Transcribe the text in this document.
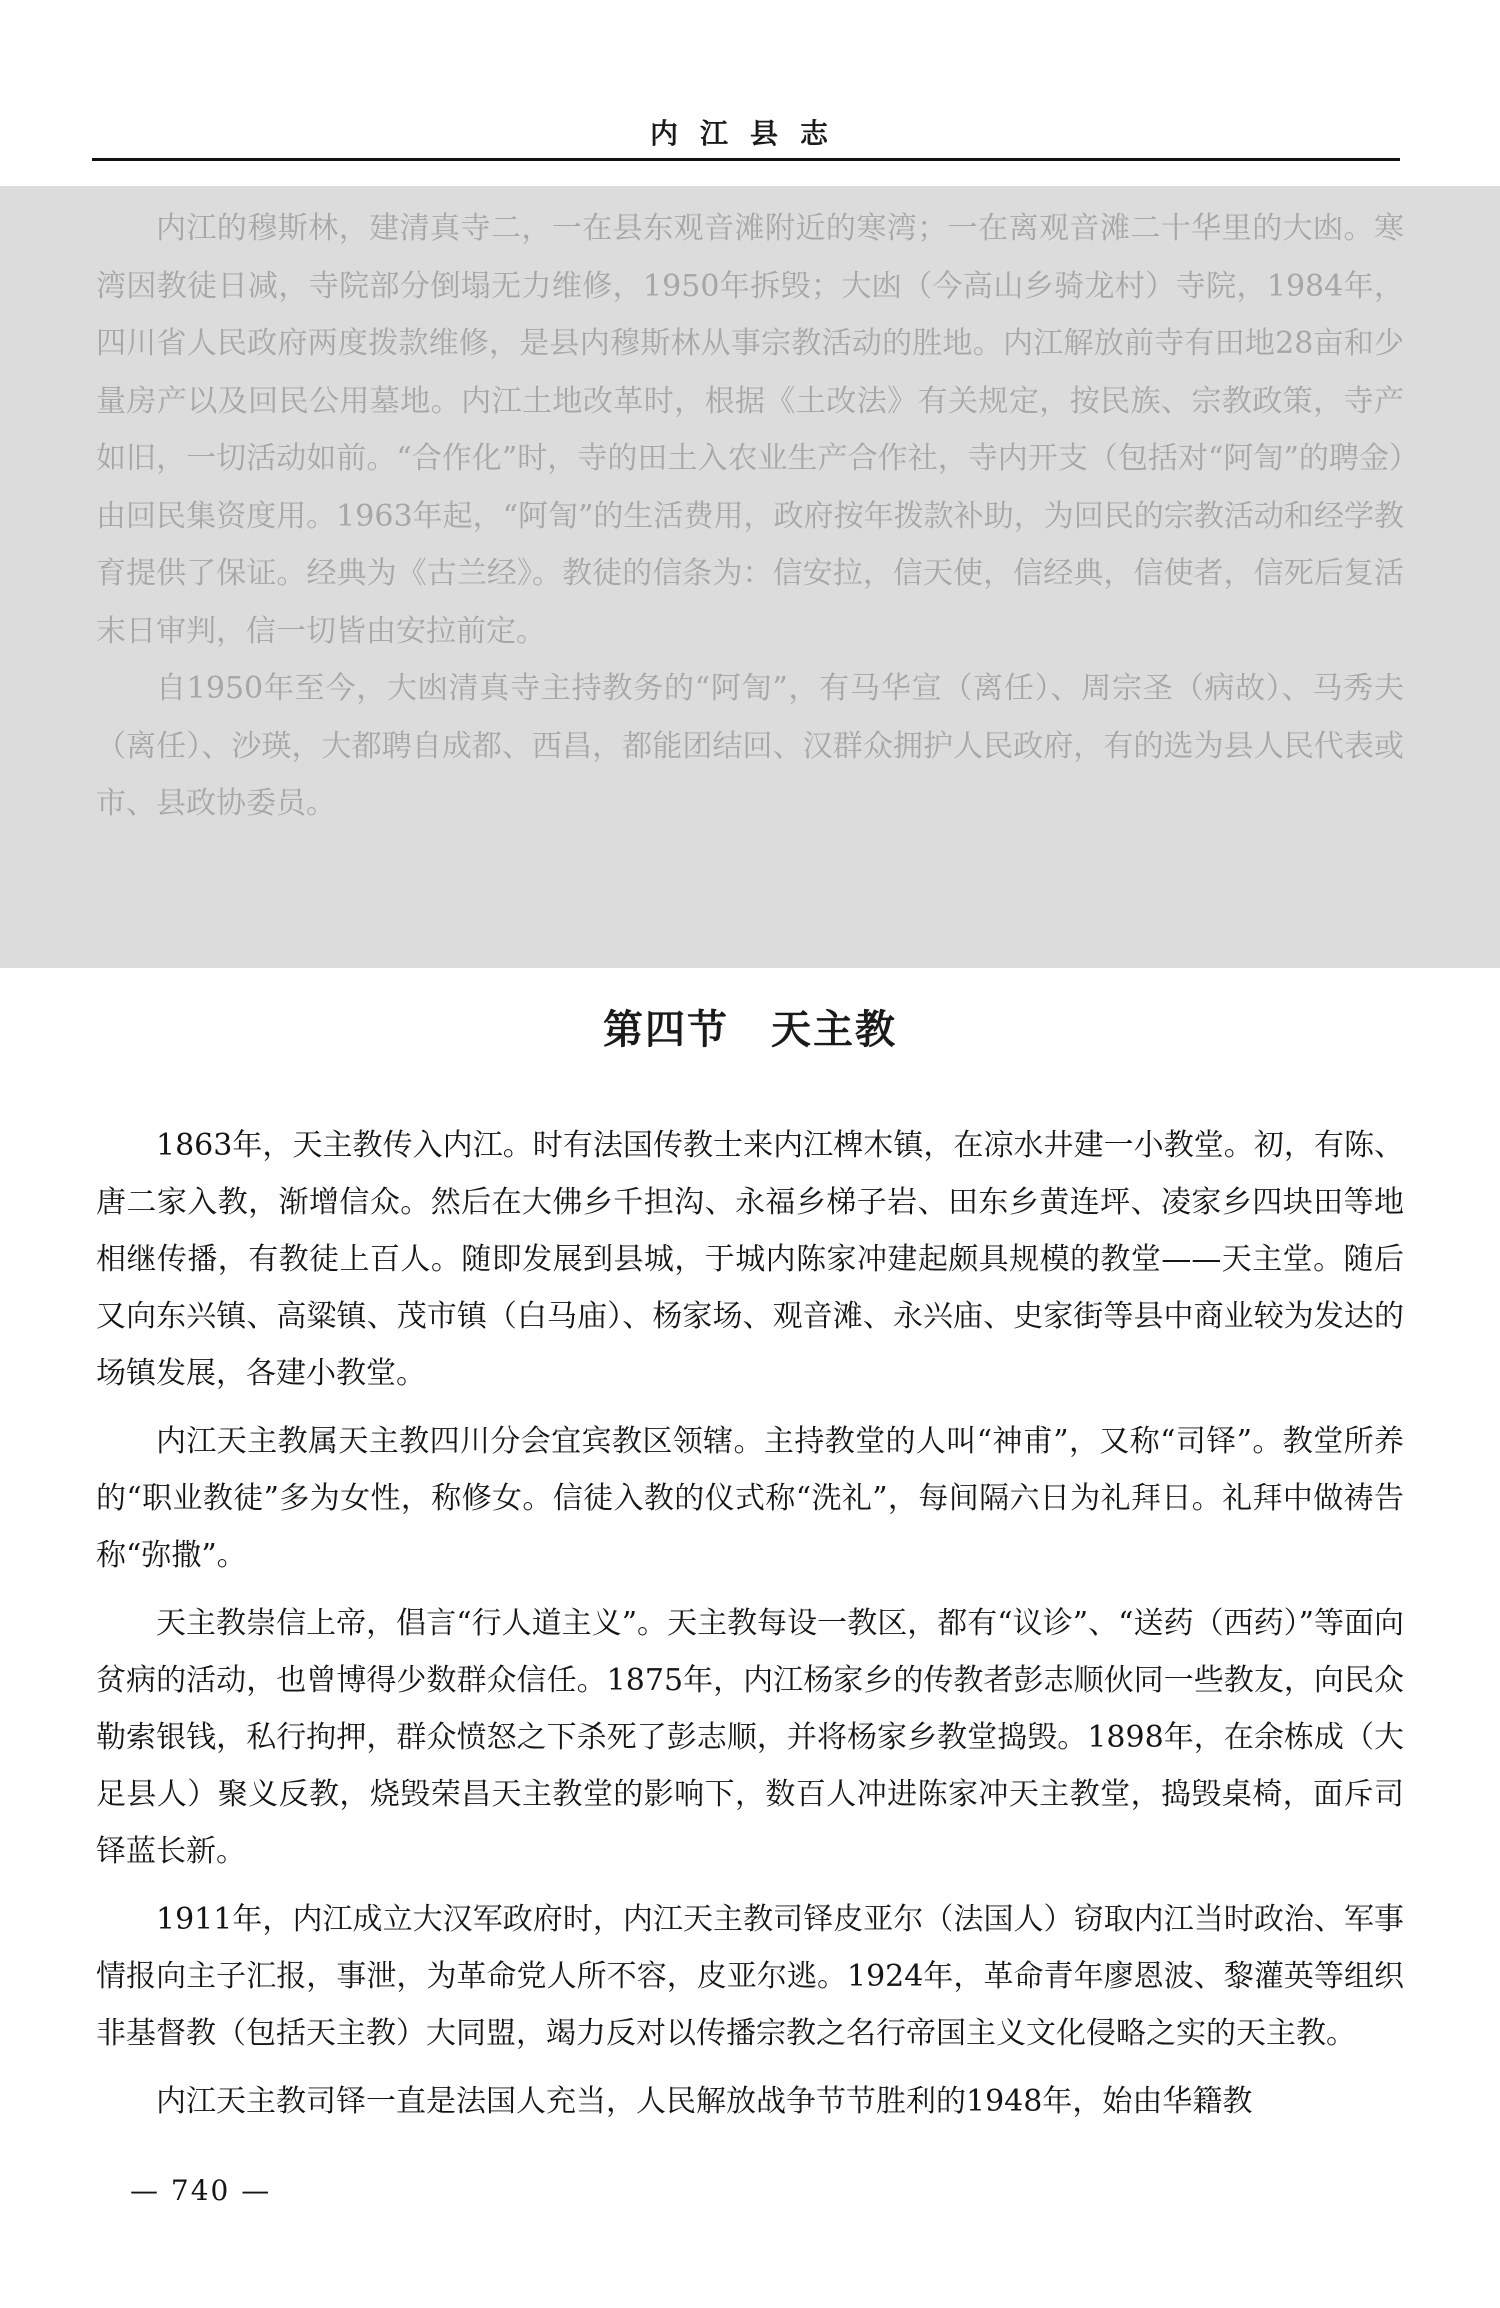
内江县志

内江的穆斯林，建清真寺二，一在县东观音滩附近的寒湾；一在离观音滩二十华里的大凼。寒湾因教徒日减，寺院部分倒塌无力维修，1950年拆毁；大凼（今高山乡骑龙村）寺院，1984年，四川省人民政府两度拨款维修，是县内穆斯林从事宗教活动的胜地。内江解放前寺有田地28亩和少量房产以及回民公用墓地。内江土地改革时，根据《土改法》有关规定，按民族、宗教政策，寺产如旧，一切活动如前。“合作化”时，寺的田土入农业生产合作社，寺内开支（包括对“阿訇”的聘金）由回民集资度用。1963年起，“阿訇”的生活费用，政府按年拨款补助，为回民的宗教活动和经学教育提供了保证。经典为《古兰经》。教徒的信条为：信安拉，信天使，信经典，信使者，信死后复活末日审判，信一切皆由安拉前定。

自1950年至今，大凼清真寺主持教务的“阿訇”，有马华宣（离任）、周宗圣（病故）、马秀夫（离任）、沙瑛，大都聘自成都、西昌，都能团结回、汉群众拥护人民政府，有的选为县人民代表或市、县政协委员。

第四节　天主教

1863年，天主教传入内江。时有法国传教士来内江椑木镇，在凉水井建一小教堂。初，有陈、唐二家入教，渐增信众。然后在大佛乡千担沟、永福乡梯子岩、田东乡黄连坪、凌家乡四块田等地相继传播，有教徒上百人。随即发展到县城，于城内陈家冲建起颇具规模的教堂——天主堂。随后又向东兴镇、高粱镇、茂市镇（白马庙）、杨家场、观音滩、永兴庙、史家街等县中商业较为发达的场镇发展，各建小教堂。

内江天主教属天主教四川分会宜宾教区领辖。主持教堂的人叫“神甫”，又称“司铎”。教堂所养的“职业教徒”多为女性，称修女。信徒入教的仪式称“洗礼”，每间隔六日为礼拜日。礼拜中做祷告称“弥撒”。

天主教崇信上帝，倡言“行人道主义”。天主教每设一教区，都有“议诊”、“送药（西药）”等面向贫病的活动，也曾博得少数群众信任。1875年，内江杨家乡的传教者彭志顺伙同一些教友，向民众勒索银钱，私行拘押，群众愤怒之下杀死了彭志顺，并将杨家乡教堂捣毁。1898年，在余栋成（大足县人）聚义反教，烧毁荣昌天主教堂的影响下，数百人冲进陈家冲天主教堂，捣毁桌椅，面斥司铎蓝长新。

1911年，内江成立大汉军政府时，内江天主教司铎皮亚尔（法国人）窃取内江当时政治、军事情报向主子汇报，事泄，为革命党人所不容，皮亚尔逃。1924年，革命青年廖恩波、黎灌英等组织非基督教（包括天主教）大同盟，竭力反对以传播宗教之名行帝国主义文化侵略之实的天主教。

内江天主教司铎一直是法国人充当，人民解放战争节节胜利的1948年，始由华籍教

— 740 —
